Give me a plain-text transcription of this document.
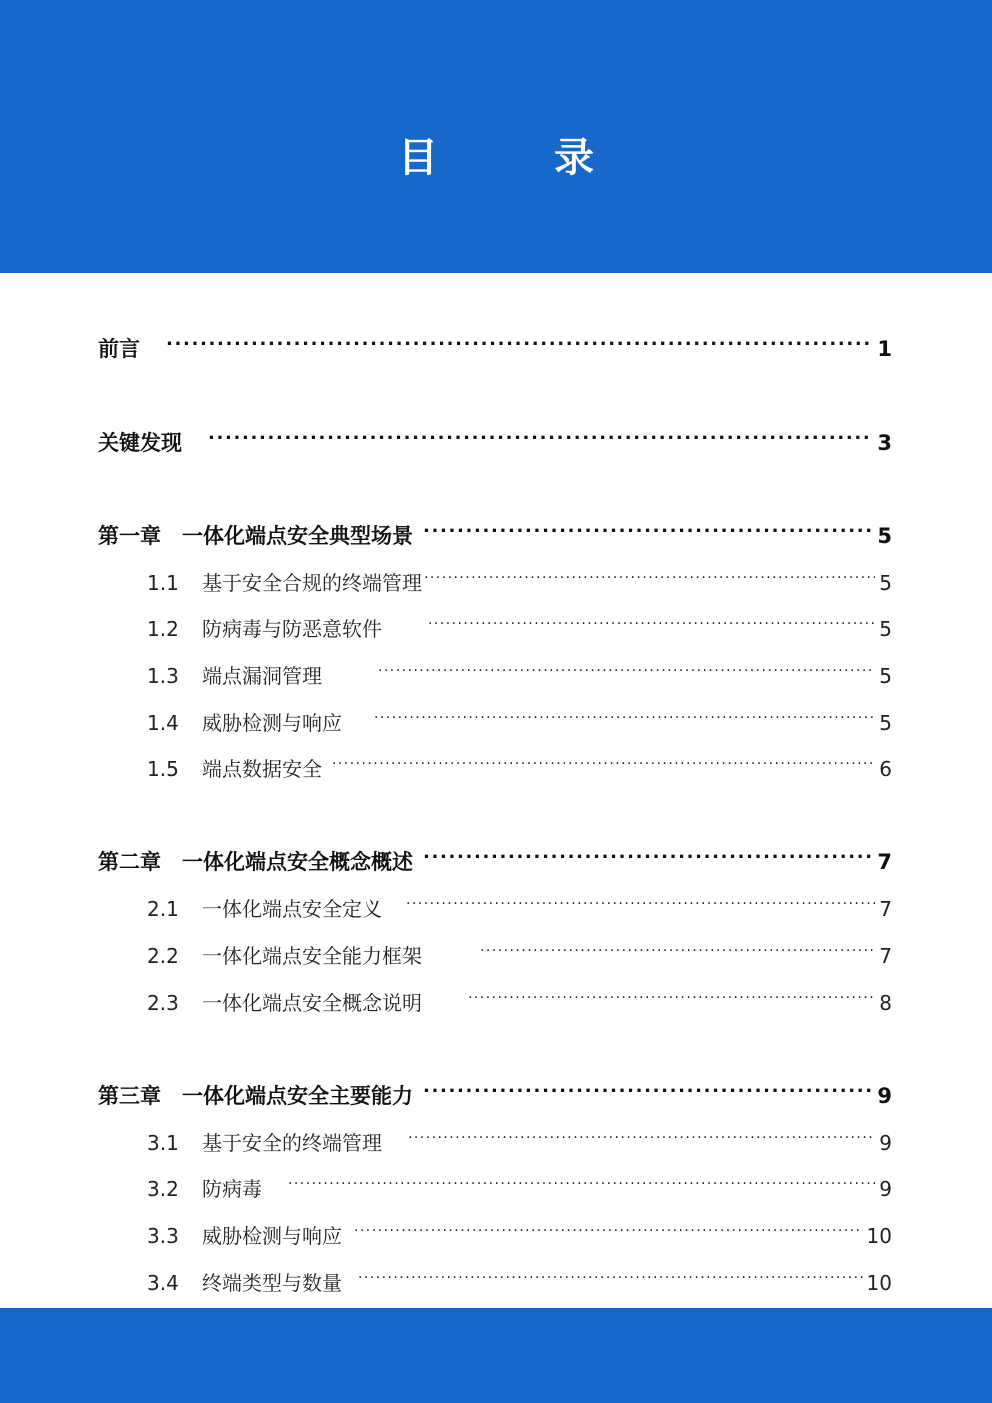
目　录
前言 . . .	1
关键发现 . . .	3
第一章　一体化端点安全典型场景 . . .	5
1.1	基于安全合规的终端管理 . . .	5
1.2	防病毒与防恶意软件 . . .	5
1.3	端点漏洞管理 . . .	5
1.4	威胁检测与响应 . . .	5
1.5	端点数据安全 . . .	6
第二章　一体化端点安全概念概述 . . .	7
2.1	一体化端点安全定义 . . .	7
2.2	一体化端点安全能力框架 . . .	7
2.3	一体化端点安全概念说明 . . .	8
第三章　一体化端点安全主要能力 . . .	9
3.1	基于安全的终端管理 . . .	9
3.2	防病毒 . . .	9
3.3	威胁检测与响应 . . .	10
3.4	终端类型与数量 . . .	10
